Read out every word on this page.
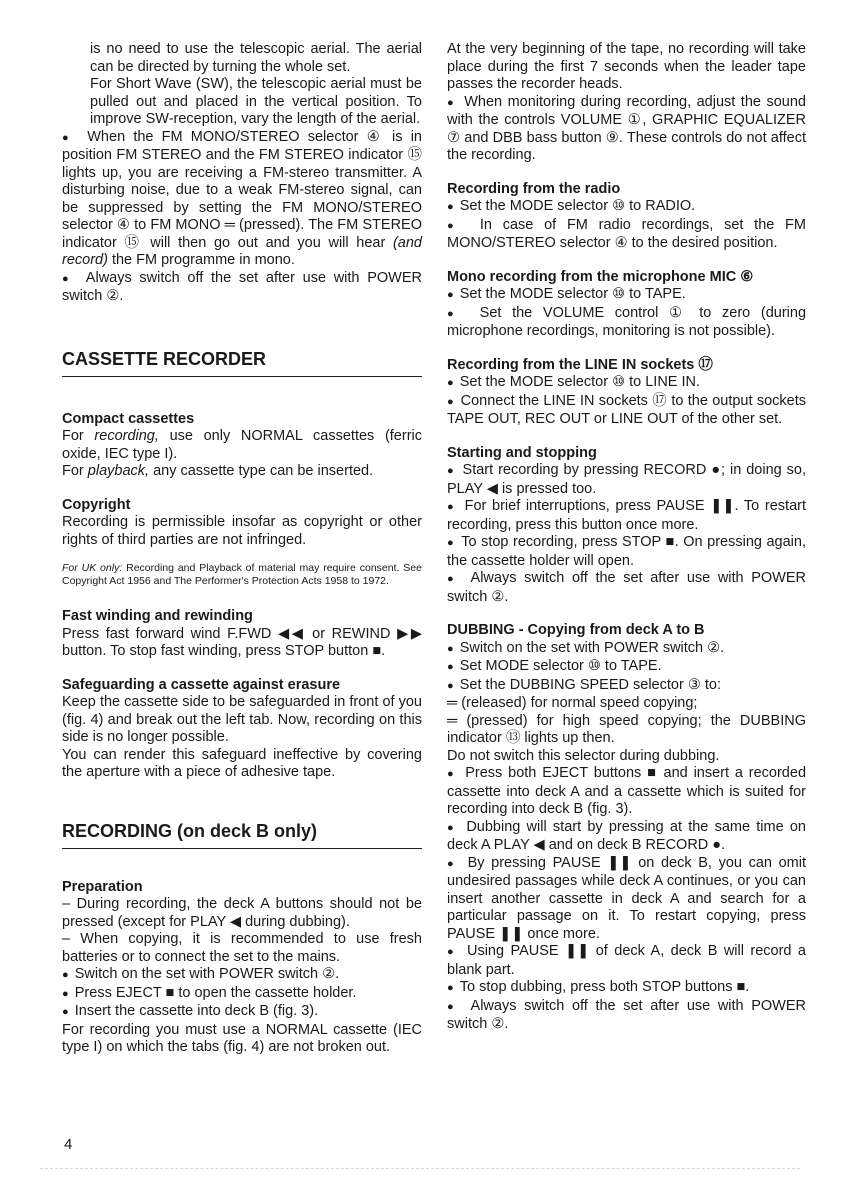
is no need to use the telescopic aerial. The aerial can be directed by turning the whole set.

For Short Wave (SW), the telescopic aerial must be pulled out and placed in the vertical position. To improve SW-reception, vary the length of the aerial.

●  When the FM MONO/STEREO selector ④ is in position FM STEREO and the FM STEREO indicator ⑮ lights up, you are receiving a FM-stereo transmitter. A disturbing noise, due to a weak FM-stereo signal, can be suppressed by setting the FM MONO/STEREO selector ④ to FM MONO ═ (pressed). The FM STEREO indicator ⑮ will then go out and you will hear (and record) the FM programme in mono.

●  Always switch off the set after use with POWER switch ②.

CASSETTE RECORDER

Compact cassettes

For recording, use only NORMAL cassettes (ferric oxide, IEC type I).

For playback, any cassette type can be inserted.

Copyright

Recording is permissible insofar as copyright or other rights of third parties are not infringed.

For UK only: Recording and Playback of material may require consent. See Copyright Act 1956 and The Performer's Protection Acts 1958 to 1972.

Fast winding and rewinding

Press fast forward wind F.FWD ◀◀ or REWIND ▶▶ button. To stop fast winding, press STOP button ■.

Safeguarding a cassette against erasure

Keep the cassette side to be safeguarded in front of you (fig. 4) and break out the left tab. Now, recording on this side is no longer possible.

You can render this safeguard ineffective by covering the aperture with a piece of adhesive tape.

RECORDING (on deck B only)

Preparation

– During recording, the deck A buttons should not be pressed (except for PLAY ◀ during dubbing).

– When copying, it is recommended to use fresh batteries or to connect the set to the mains.

●  Switch on the set with POWER switch ②.

●  Press EJECT ■ to open the cassette holder.

●  Insert the cassette into deck B (fig. 3).

For recording you must use a NORMAL cassette (IEC type I) on which the tabs (fig. 4) are not broken out.

At the very beginning of the tape, no recording will take place during the first 7 seconds when the leader tape passes the recorder heads.

●  When monitoring during recording, adjust the sound with the controls VOLUME ①, GRAPHIC EQUALIZER ⑦ and DBB bass button ⑨. These controls do not affect the recording.

Recording from the radio

●  Set the MODE selector ⑩ to RADIO.

●  In case of FM radio recordings, set the FM MONO/STEREO selector ④ to the desired position.

Mono recording from the microphone MIC ⑥

●  Set the MODE selector ⑩ to TAPE.

●  Set the VOLUME control ① to zero (during microphone recordings, monitoring is not possible).

Recording from the LINE IN sockets ⑰

●  Set the MODE selector ⑩ to LINE IN.

●  Connect the LINE IN sockets ⑰ to the output sockets TAPE OUT, REC OUT or LINE OUT of the other set.

Starting and stopping

●  Start recording by pressing RECORD ●; in doing so, PLAY ◀ is pressed too.

●  For brief interruptions, press PAUSE ❚❚. To restart recording, press this button once more.

●  To stop recording, press STOP ■. On pressing again, the cassette holder will open.

●  Always switch off the set after use with POWER switch ②.

DUBBING - Copying from deck A to B

●  Switch on the set with POWER switch ②.

●  Set MODE selector ⑩ to TAPE.

●  Set the DUBBING SPEED selector ③ to:

═ (released) for normal speed copying;

═ (pressed) for high speed copying; the DUBBING indicator ⑬ lights up then.

Do not switch this selector during dubbing.

●  Press both EJECT buttons ■ and insert a recorded cassette into deck A and a cassette which is suited for recording into deck B (fig. 3).

●  Dubbing will start by pressing at the same time on deck A PLAY ◀ and on deck B RECORD ●.

●  By pressing PAUSE ❚❚ on deck B, you can omit undesired passages while deck A continues, or you can insert another cassette in deck A and search for a particular passage on it. To restart copying, press PAUSE ❚❚ once more.

●  Using PAUSE ❚❚ of deck A, deck B will record a blank part.

●  To stop dubbing, press both STOP buttons ■.

●  Always switch off the set after use with POWER switch ②.

4
